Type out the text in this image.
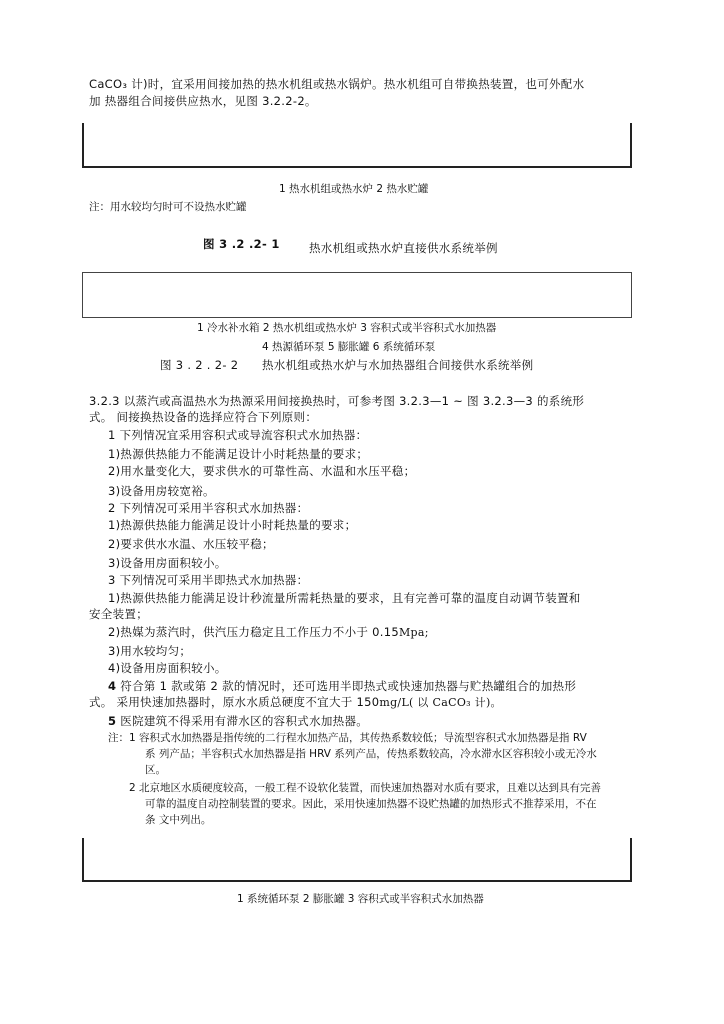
CaCO₃ 计)时，宜采用间接加热的热水机组或热水锅炉。热水机组可自带换热装置，也可外配水

加 热器组合间接供应热水，见图 3.2.2-2。

1 热水机组或热水炉 2 热水贮罐

注：用水较均匀时可不设热水贮罐

图 3 .2 .2- 1	热水机组或热水炉直接供水系统举例

1 冷水补水箱 2 热水机组或热水炉 3 容积式或半容积式水加热器

4 热源循环泵 5 膨胀罐 6 系统循环泵

图 3 . 2 . 2- 2 热水机组或热水炉与水加热器组合间接供水系统举例

3.2.3 以蒸汽或高温热水为热源采用间接换热时，可参考图 3.2.3—1 ~ 图 3.2.3—3 的系统形

式。 间接换热设备的选择应符合下列原则：

1 下列情况宜采用容积式或导流容积式水加热器：

1)热源供热能力不能满足设计小时耗热量的要求；

2)用水量变化大，要求供水的可靠性高、水温和水压平稳；

3)设备用房较宽裕。

2 下列情况可采用半容积式水加热器：

1)热源供热能力能满足设计小时耗热量的要求；

2)要求供水水温、水压较平稳；

3)设备用房面积较小。

3 下列情况可采用半即热式水加热器：

1)热源供热能力能满足设计秒流量所需耗热量的要求，且有完善可靠的温度自动调节装置和

安全装置；

2)热媒为蒸汽时，供汽压力稳定且工作压力不小于 0.15Mpa;

3)用水较均匀；

4)设备用房面积较小。

4 符合第 1 款或第 2 款的情况时，还可选用半即热式或快速加热器与贮热罐组合的加热形

式。 采用快速加热器时，原水水质总硬度不宜大于 150mg/L( 以 CaCO₃ 计)。

5 医院建筑不得采用有滞水区的容积式水加热器。

注：1 容积式水加热器是指传统的二行程水加热产品，其传热系数较低；导流型容积式水加热器是指 RV

系 列产品；半容积式水加热器是指 HRV 系列产品，传热系数较高，冷水滞水区容积较小或无冷水

区。

2 北京地区水质硬度较高，一般工程不设软化装置，而快速加热器对水质有要求，且难以达到具有完善

可靠的温度自动控制装置的要求。因此，采用快速加热器不设贮热罐的加热形式不推荐采用，不在

条 文中列出。

1 系统循环泵 2 膨胀罐 3 容积式或半容积式水加热器
